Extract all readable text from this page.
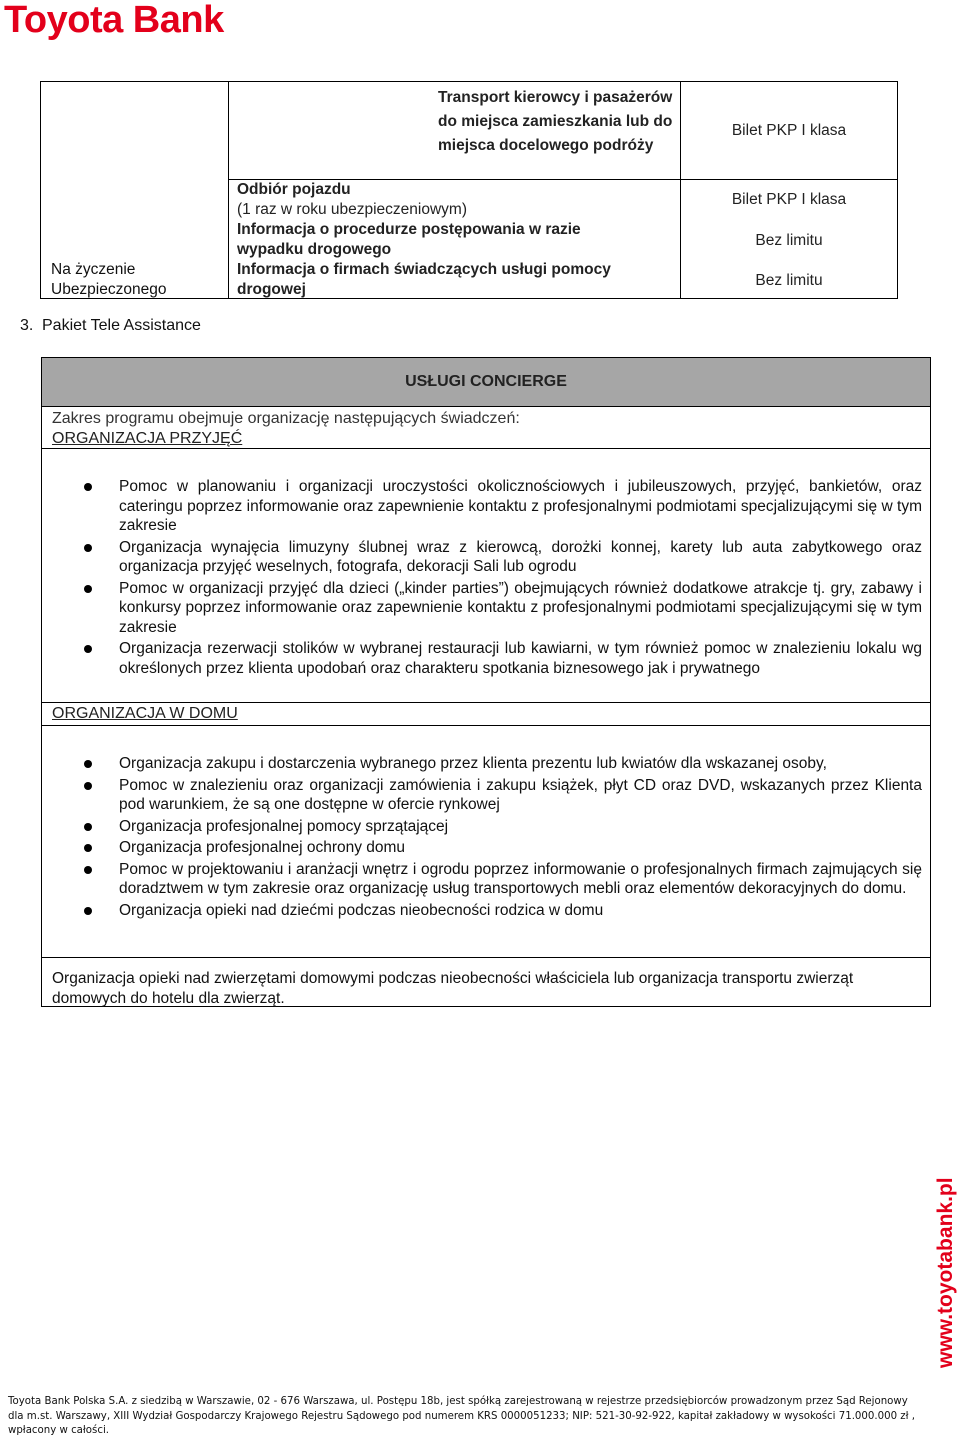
Toyota Bank
Na życzenie
Ubezpieczonego
Transport kierowcy i pasażerów do miejsca zamieszkania lub do miejsca docelowego podróży
Odbiór pojazdu
(1 raz w roku ubezpieczeniowym)
Informacja o procedurze postępowania w razie
wypadku drogowego
Informacja o firmach świadczących usługi pomocy
drogowej
Bilet PKP I klasa
Bilet PKP I klasa
Bez limitu
Bez limitu
3. Pakiet Tele Assistance
USŁUGI CONCIERGE
Zakres programu obejmuje organizację następujących świadczeń:
ORGANIZACJA PRZYJĘĆ
Pomoc w planowaniu i organizacji uroczystości okolicznościowych i jubileuszowych, przyjęć, bankietów, oraz cateringu poprzez informowanie oraz zapewnienie kontaktu z profesjonalnymi podmiotami specjalizującymi się w tym zakresie
Organizacja wynajęcia limuzyny ślubnej wraz z kierowcą, dorożki konnej, karety lub auta zabytkowego oraz organizacja przyjęć weselnych, fotografa, dekoracji Sali lub ogrodu
Pomoc w organizacji przyjęć dla dzieci („kinder parties”) obejmujących również dodatkowe atrakcje tj. gry, zabawy i konkursy poprzez informowanie oraz zapewnienie kontaktu z profesjonalnymi podmiotami specjalizującymi się w tym zakresie
Organizacja rezerwacji stolików w wybranej restauracji lub kawiarni, w tym również pomoc w znalezieniu lokalu wg określonych przez klienta upodobań oraz charakteru spotkania biznesowego jak i prywatnego
ORGANIZACJA W DOMU
Organizacja zakupu i dostarczenia wybranego przez klienta prezentu lub kwiatów dla wskazanej osoby,
Pomoc w znalezieniu oraz organizacji zamówienia i zakupu książek, płyt CD oraz DVD, wskazanych przez Klienta pod warunkiem, że są one dostępne w ofercie rynkowej
Organizacja profesjonalnej pomocy sprzątającej
Organizacja profesjonalnej ochrony domu
Pomoc w projektowaniu i aranżacji wnętrz i ogrodu poprzez informowanie o profesjonalnych firmach zajmujących się doradztwem w tym zakresie oraz organizację usług transportowych mebli oraz elementów dekoracyjnych do domu.
Organizacja opieki nad dziećmi podczas nieobecności rodzica w domu
Organizacja opieki nad zwierzętami domowymi podczas nieobecności właściciela lub organizacja transportu zwierząt domowych do hotelu dla zwierząt.
www.toyotabank.pl
Toyota Bank Polska S.A. z siedzibą w Warszawie, 02 - 676 Warszawa, ul. Postępu 18b, jest spółką zarejestrowaną w rejestrze przedsiębiorców prowadzonym przez Sąd Rejonowy
dla m.st. Warszawy, XIII Wydział Gospodarczy Krajowego Rejestru Sądowego pod numerem KRS 0000051233; NIP: 521-30-92-922, kapitał zakładowy w wysokości 71.000.000 zł ,
wpłacony w całości.
